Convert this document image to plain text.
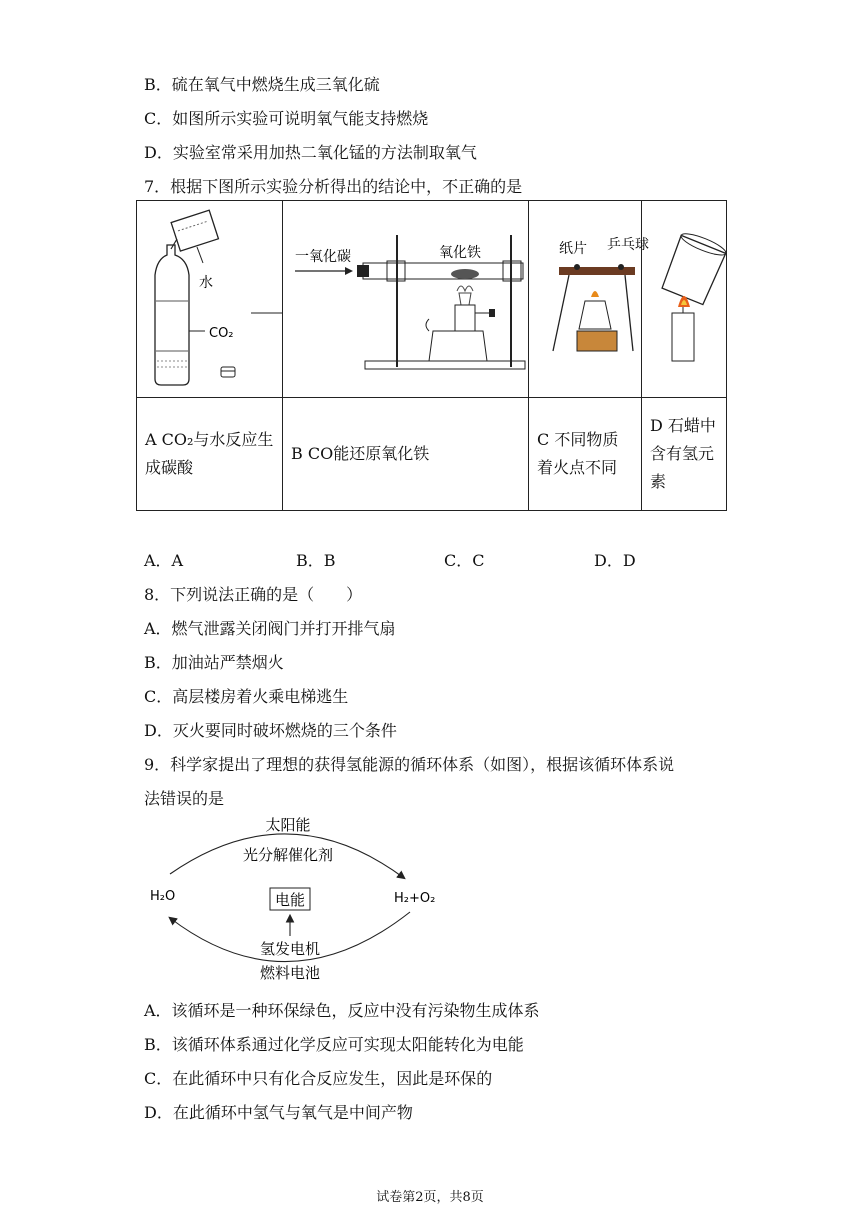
B．硫在氧气中燃烧生成三氧化硫
C．如图所示实验可说明氧气能支持燃烧
D．实验室常采用加热二氧化锰的方法制取氧气
7．根据下图所示实验分析得出的结论中，不正确的是
水
CO₂	一氧化碳 氧化铁	纸片 乒乓球

A CO₂与水反应生成碳酸	B CO能还原氧化铁	C 不同物质着火点不同	D 石蜡中含有氢元素
A．A	B．B	C．C	D．D
8．下列说法正确的是（　　）
A．燃气泄露关闭阀门并打开排气扇
B．加油站严禁烟火
C．高层楼房着火乘电梯逃生
D．灭火要同时破坏燃烧的三个条件
9．科学家提出了理想的获得氢能源的循环体系（如图），根据该循环体系说
法错误的是
太阳能
光分解催化剂
H₂O	H₂+O₂
电能
氢发电机
燃料电池
A．该循环是一种环保绿色，反应中没有污染物生成体系
B．该循环体系通过化学反应可实现太阳能转化为电能
C．在此循环中只有化合反应发生，因此是环保的
D．在此循环中氢气与氧气是中间产物
试卷第2页，共8页
